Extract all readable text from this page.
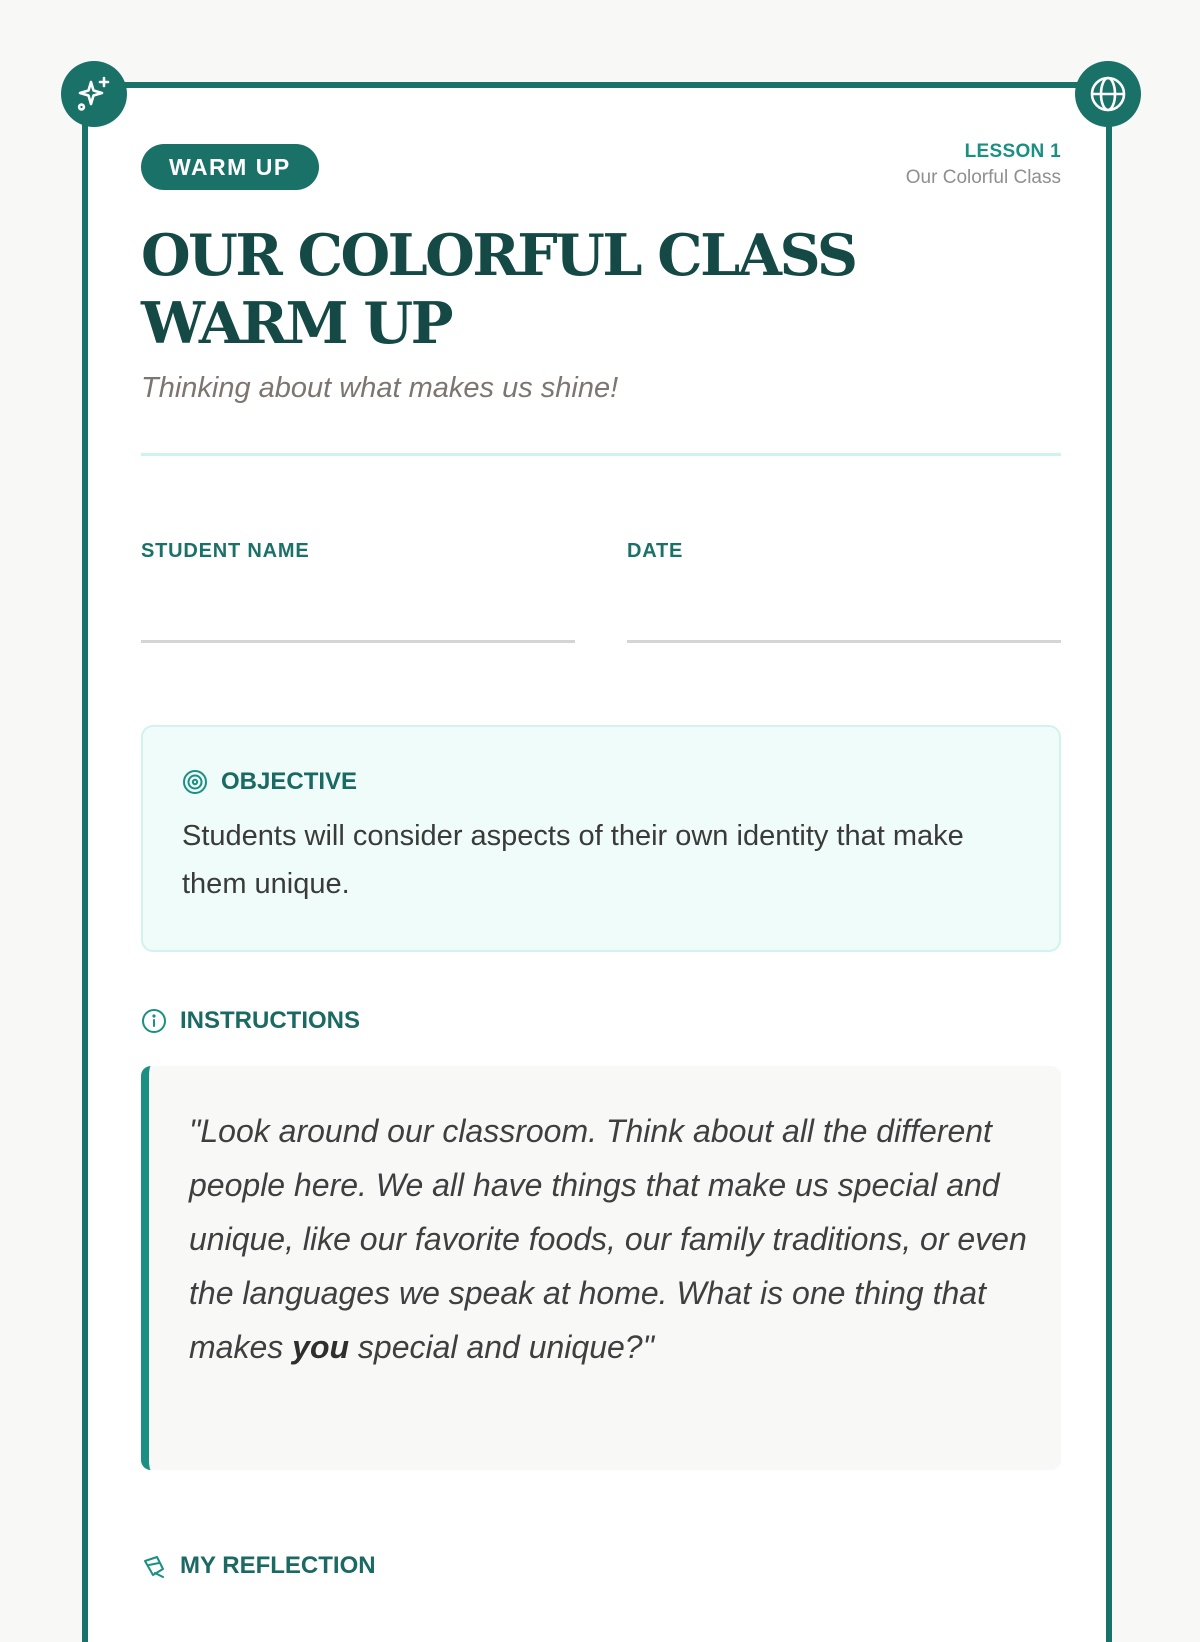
WARM UP
LESSON 1
Our Colorful Class
OUR COLORFUL CLASS WARM UP
Thinking about what makes us shine!
STUDENT NAME	DATE
OBJECTIVE

Students will consider aspects of their own identity that make them unique.

INSTRUCTIONS

"Look around our classroom. Think about all the different people here. We all have things that make us special and unique, like our favorite foods, our family traditions, or even the languages we speak at home. What is one thing that makes you special and unique?"

MY REFLECTION
